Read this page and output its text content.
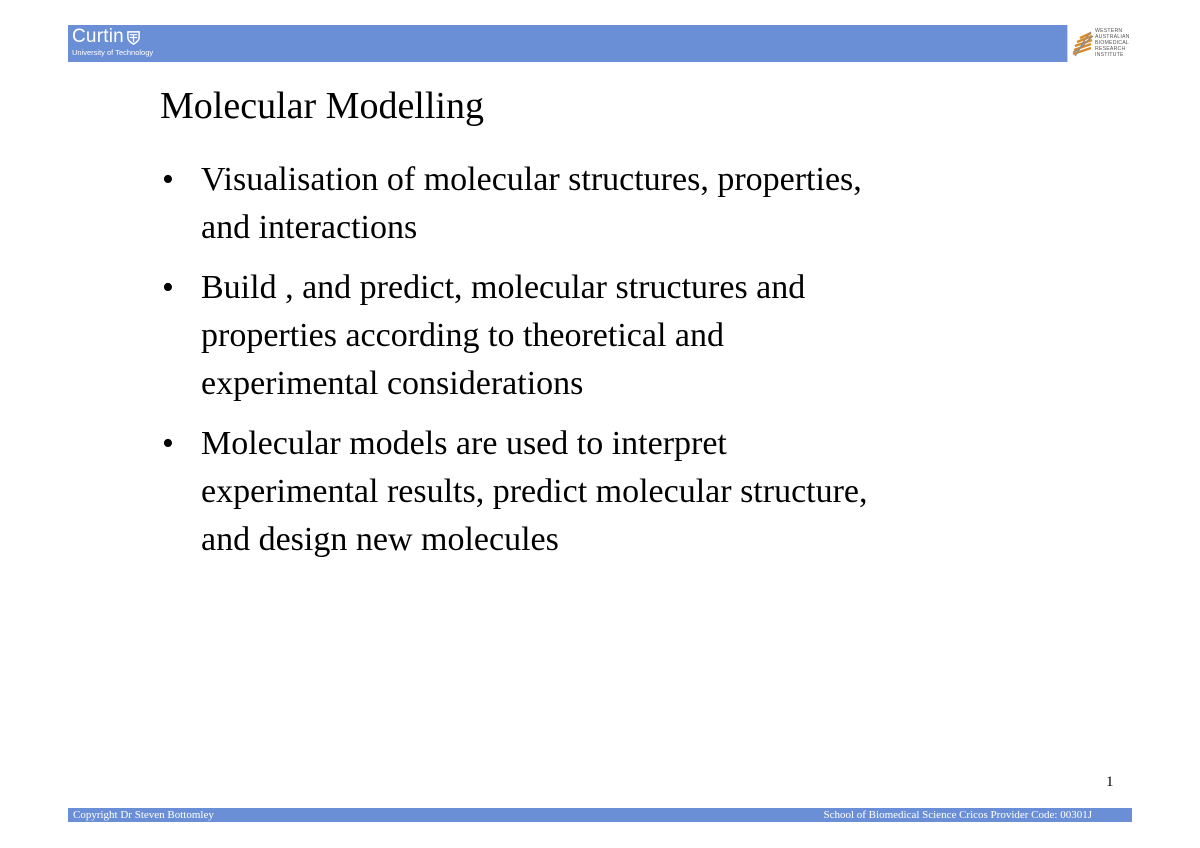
Curtin
University of Technology
WESTERN
AUSTRALIAN
BIOMEDICAL
RESEARCH
INSTITUTE
Molecular Modelling
• Visualisation of molecular structures, properties,
and interactions
• Build , and predict, molecular structures and
properties according to theoretical and
experimental considerations
• Molecular models are used to interpret
experimental results, predict molecular structure,
and design new molecules
1
Copyright Dr Steven Bottomley	School of Biomedical Science Cricos Provider Code: 00301J
